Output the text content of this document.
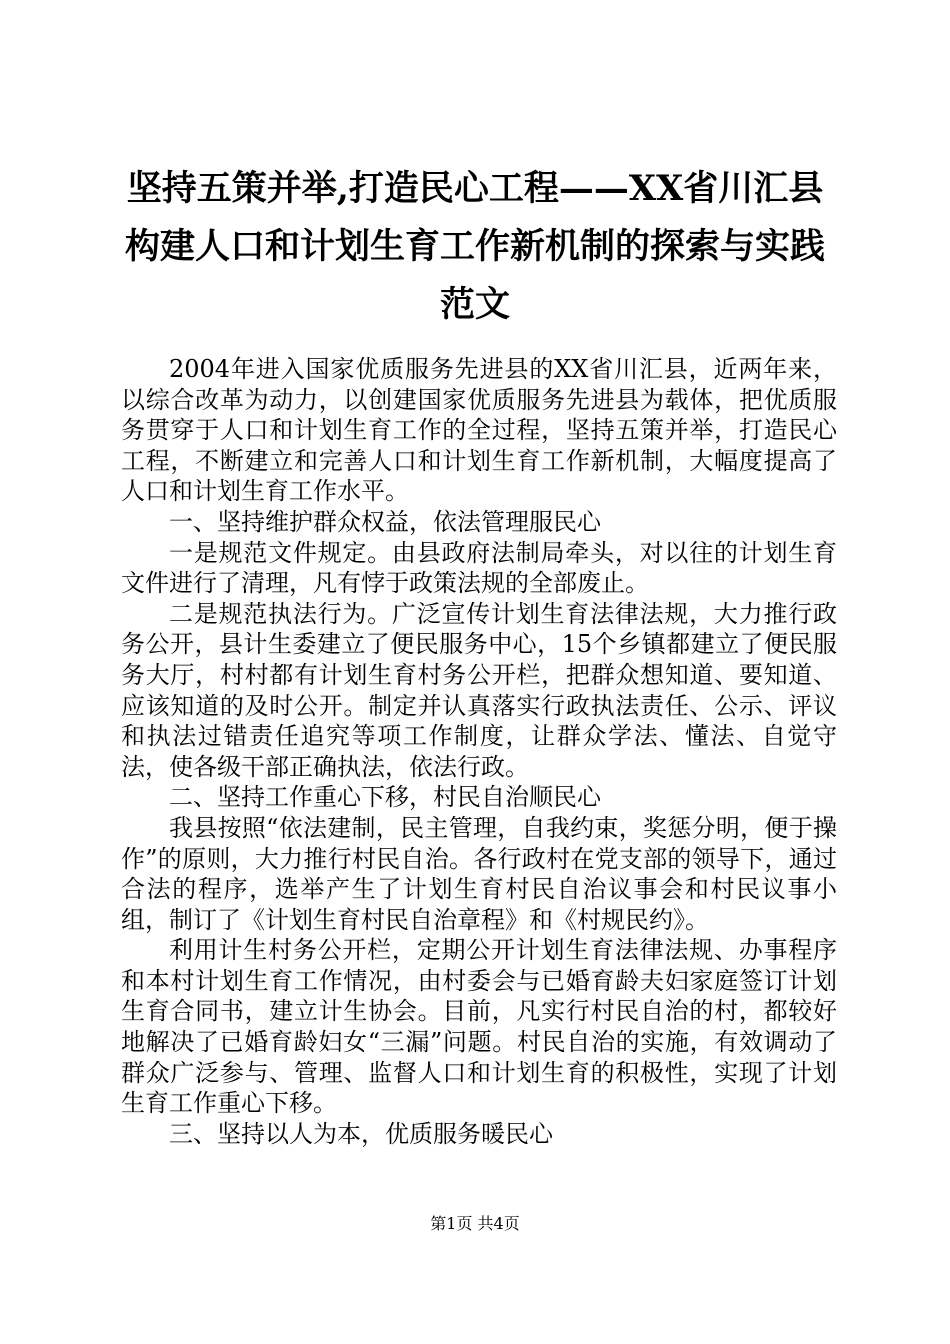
坚持五策并举,打造民心工程——XX省川汇县构建人口和计划生育工作新机制的探索与实践范文

2004年进入国家优质服务先进县的XX省川汇县，近两年来，以综合改革为动力，以创建国家优质服务先进县为载体，把优质服务贯穿于人口和计划生育工作的全过程，坚持五策并举，打造民心工程，不断建立和完善人口和计划生育工作新机制，大幅度提高了人口和计划生育工作水平。

一、坚持维护群众权益，依法管理服民心

一是规范文件规定。由县政府法制局牵头，对以往的计划生育文件进行了清理，凡有悖于政策法规的全部废止。

二是规范执法行为。广泛宣传计划生育法律法规，大力推行政务公开，县计生委建立了便民服务中心，15个乡镇都建立了便民服务大厅，村村都有计划生育村务公开栏，把群众想知道、要知道、应该知道的及时公开。制定并认真落实行政执法责任、公示、评议和执法过错责任追究等项工作制度，让群众学法、懂法、自觉守法，使各级干部正确执法，依法行政。

二、坚持工作重心下移，村民自治顺民心

我县按照“依法建制，民主管理，自我约束，奖惩分明，便于操作”的原则，大力推行村民自治。各行政村在党支部的领导下，通过合法的程序，选举产生了计划生育村民自治议事会和村民议事小组，制订了《计划生育村民自治章程》和《村规民约》。

利用计生村务公开栏，定期公开计划生育法律法规、办事程序和本村计划生育工作情况，由村委会与已婚育龄夫妇家庭签订计划生育合同书，建立计生协会。目前，凡实行村民自治的村，都较好地解决了已婚育龄妇女“三漏”问题。村民自治的实施，有效调动了群众广泛参与、管理、监督人口和计划生育的积极性，实现了计划生育工作重心下移。

三、坚持以人为本，优质服务暖民心

第1页 共4页
